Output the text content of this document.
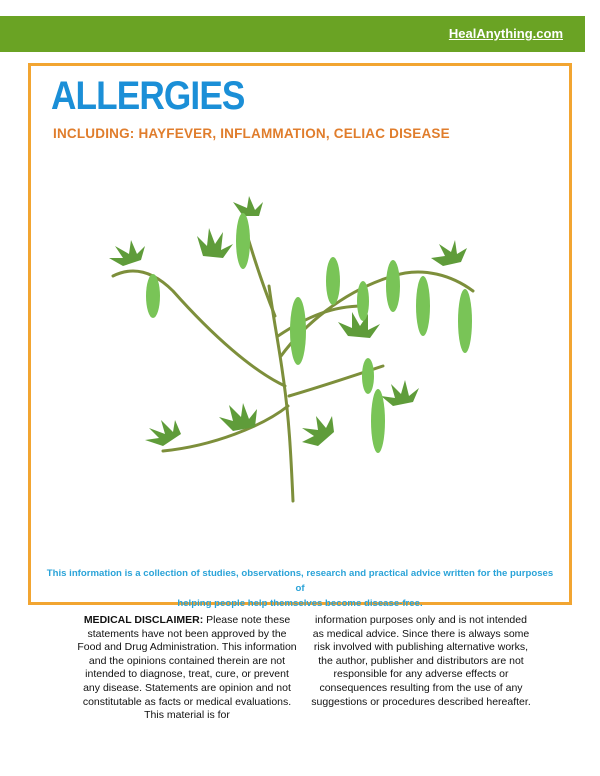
HealAnything.com
ALLERGIES
INCLUDING: HAYFEVER, INFLAMMATION, CELIAC DISEASE
This information is a collection of studies, observations, research and practical advice written for the purposes of
helping people help themselves become disease-free.
MEDICAL DISCLAIMER: Please note these statements have not been approved by the Food and Drug Administration. This information and the opinions contained therein are not intended to diagnose, treat, cure, or prevent any disease. Statements are opinion and not constitutable as facts or medical evaluations. This material is for
information purposes only and is not intended as medical advice. Since there is always some risk involved with publishing alternative works, the author, publisher and distributors are not responsible for any adverse effects or consequences resulting from the use of any suggestions or procedures described hereafter.
